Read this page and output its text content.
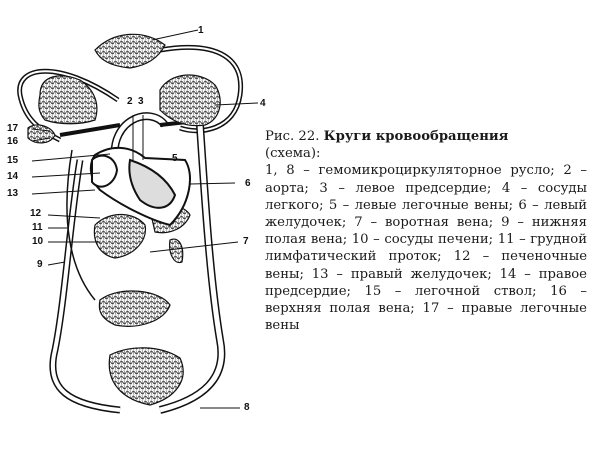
1
2 3	4
5
6
7
8
9
10
11
12
13
14
15
16
17
Рис. 22. Круги кровообращения
(схема):

1, 8 – гемомикроциркуляторное русло; 2 – аорта; 3 – левое предсердие; 4 – сосуды легкого; 5 – левые легочные вены; 6 – левый желудочек; 7 – воротная вена; 9 – нижняя полая вена; 10 – сосуды печени; 11 – грудной лимфатический проток; 12 – печеночные вены; 13 – правый желудочек; 14 – правое предсердие; 15 – легочной ствол; 16 – верхняя полая вена; 17 – правые легочные вены
